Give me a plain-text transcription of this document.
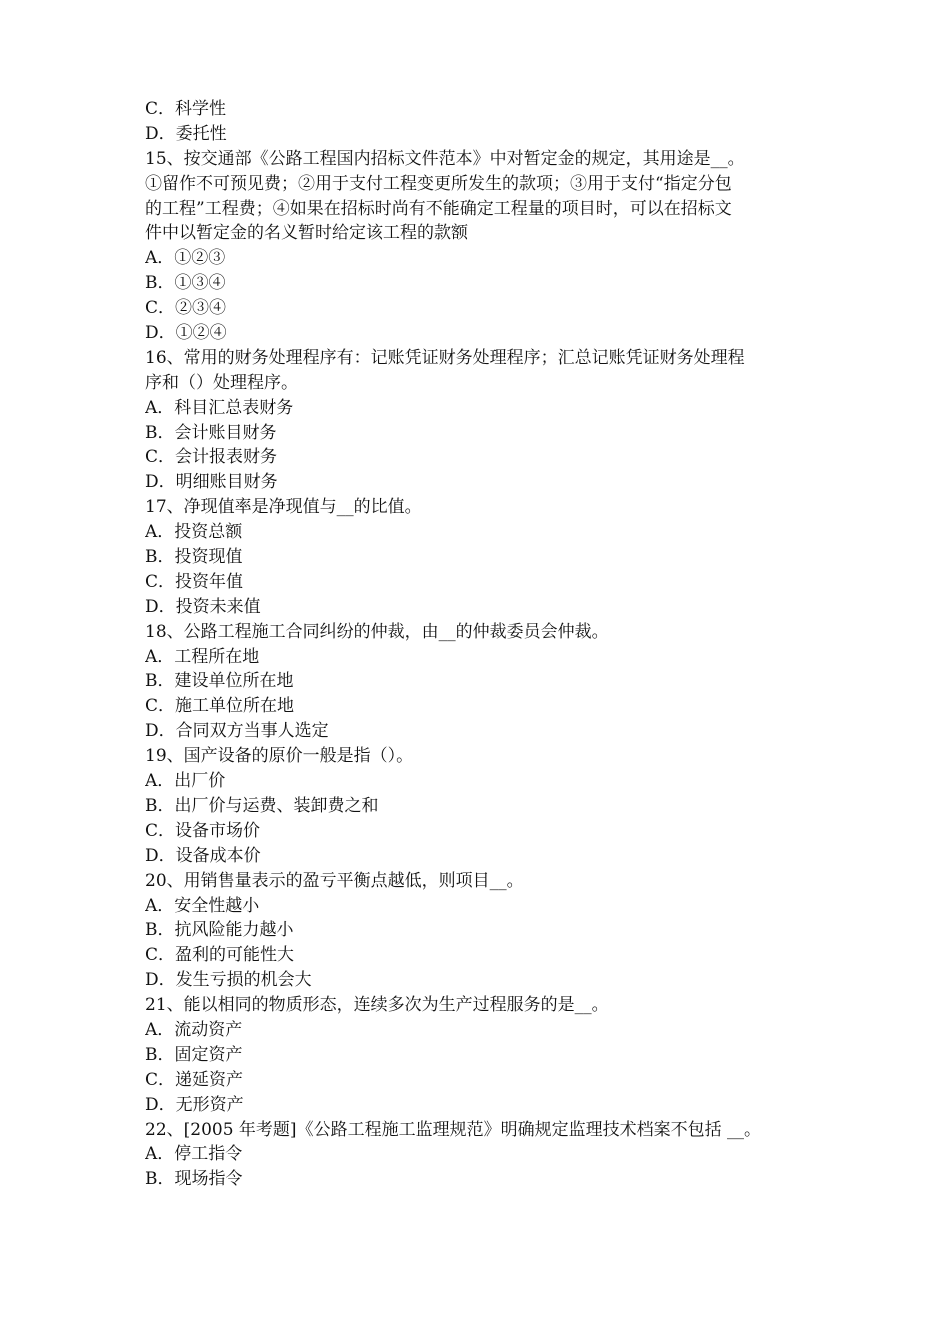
C．科学性
D．委托性
15、按交通部《公路工程国内招标文件范本》中对暂定金的规定，其用途是__。
①留作不可预见费；②用于支付工程变更所发生的款项；③用于支付“指定分包
的工程”工程费；④如果在招标时尚有不能确定工程量的项目时，可以在招标文
件中以暂定金的名义暂时给定该工程的款额
A．①②③
B．①③④
C．②③④
D．①②④
16、常用的财务处理程序有：记账凭证财务处理程序；汇总记账凭证财务处理程
序和（）处理程序。
A．科目汇总表财务
B．会计账目财务
C．会计报表财务
D．明细账目财务
17、净现值率是净现值与__的比值。
A．投资总额
B．投资现值
C．投资年值
D．投资未来值
18、公路工程施工合同纠纷的仲裁，由__的仲裁委员会仲裁。
A．工程所在地
B．建设单位所在地
C．施工单位所在地
D．合同双方当事人选定
19、国产设备的原价一般是指（）。
A．出厂价
B．出厂价与运费、装卸费之和
C．设备市场价
D．设备成本价
20、用销售量表示的盈亏平衡点越低，则项目__。
A．安全性越小
B．抗风险能力越小
C．盈利的可能性大
D．发生亏损的机会大
21、能以相同的物质形态，连续多次为生产过程服务的是__。
A．流动资产
B．固定资产
C．递延资产
D．无形资产
22、[2005 年考题]《公路工程施工监理规范》明确规定监理技术档案不包括 __。
A．停工指令
B．现场指令
